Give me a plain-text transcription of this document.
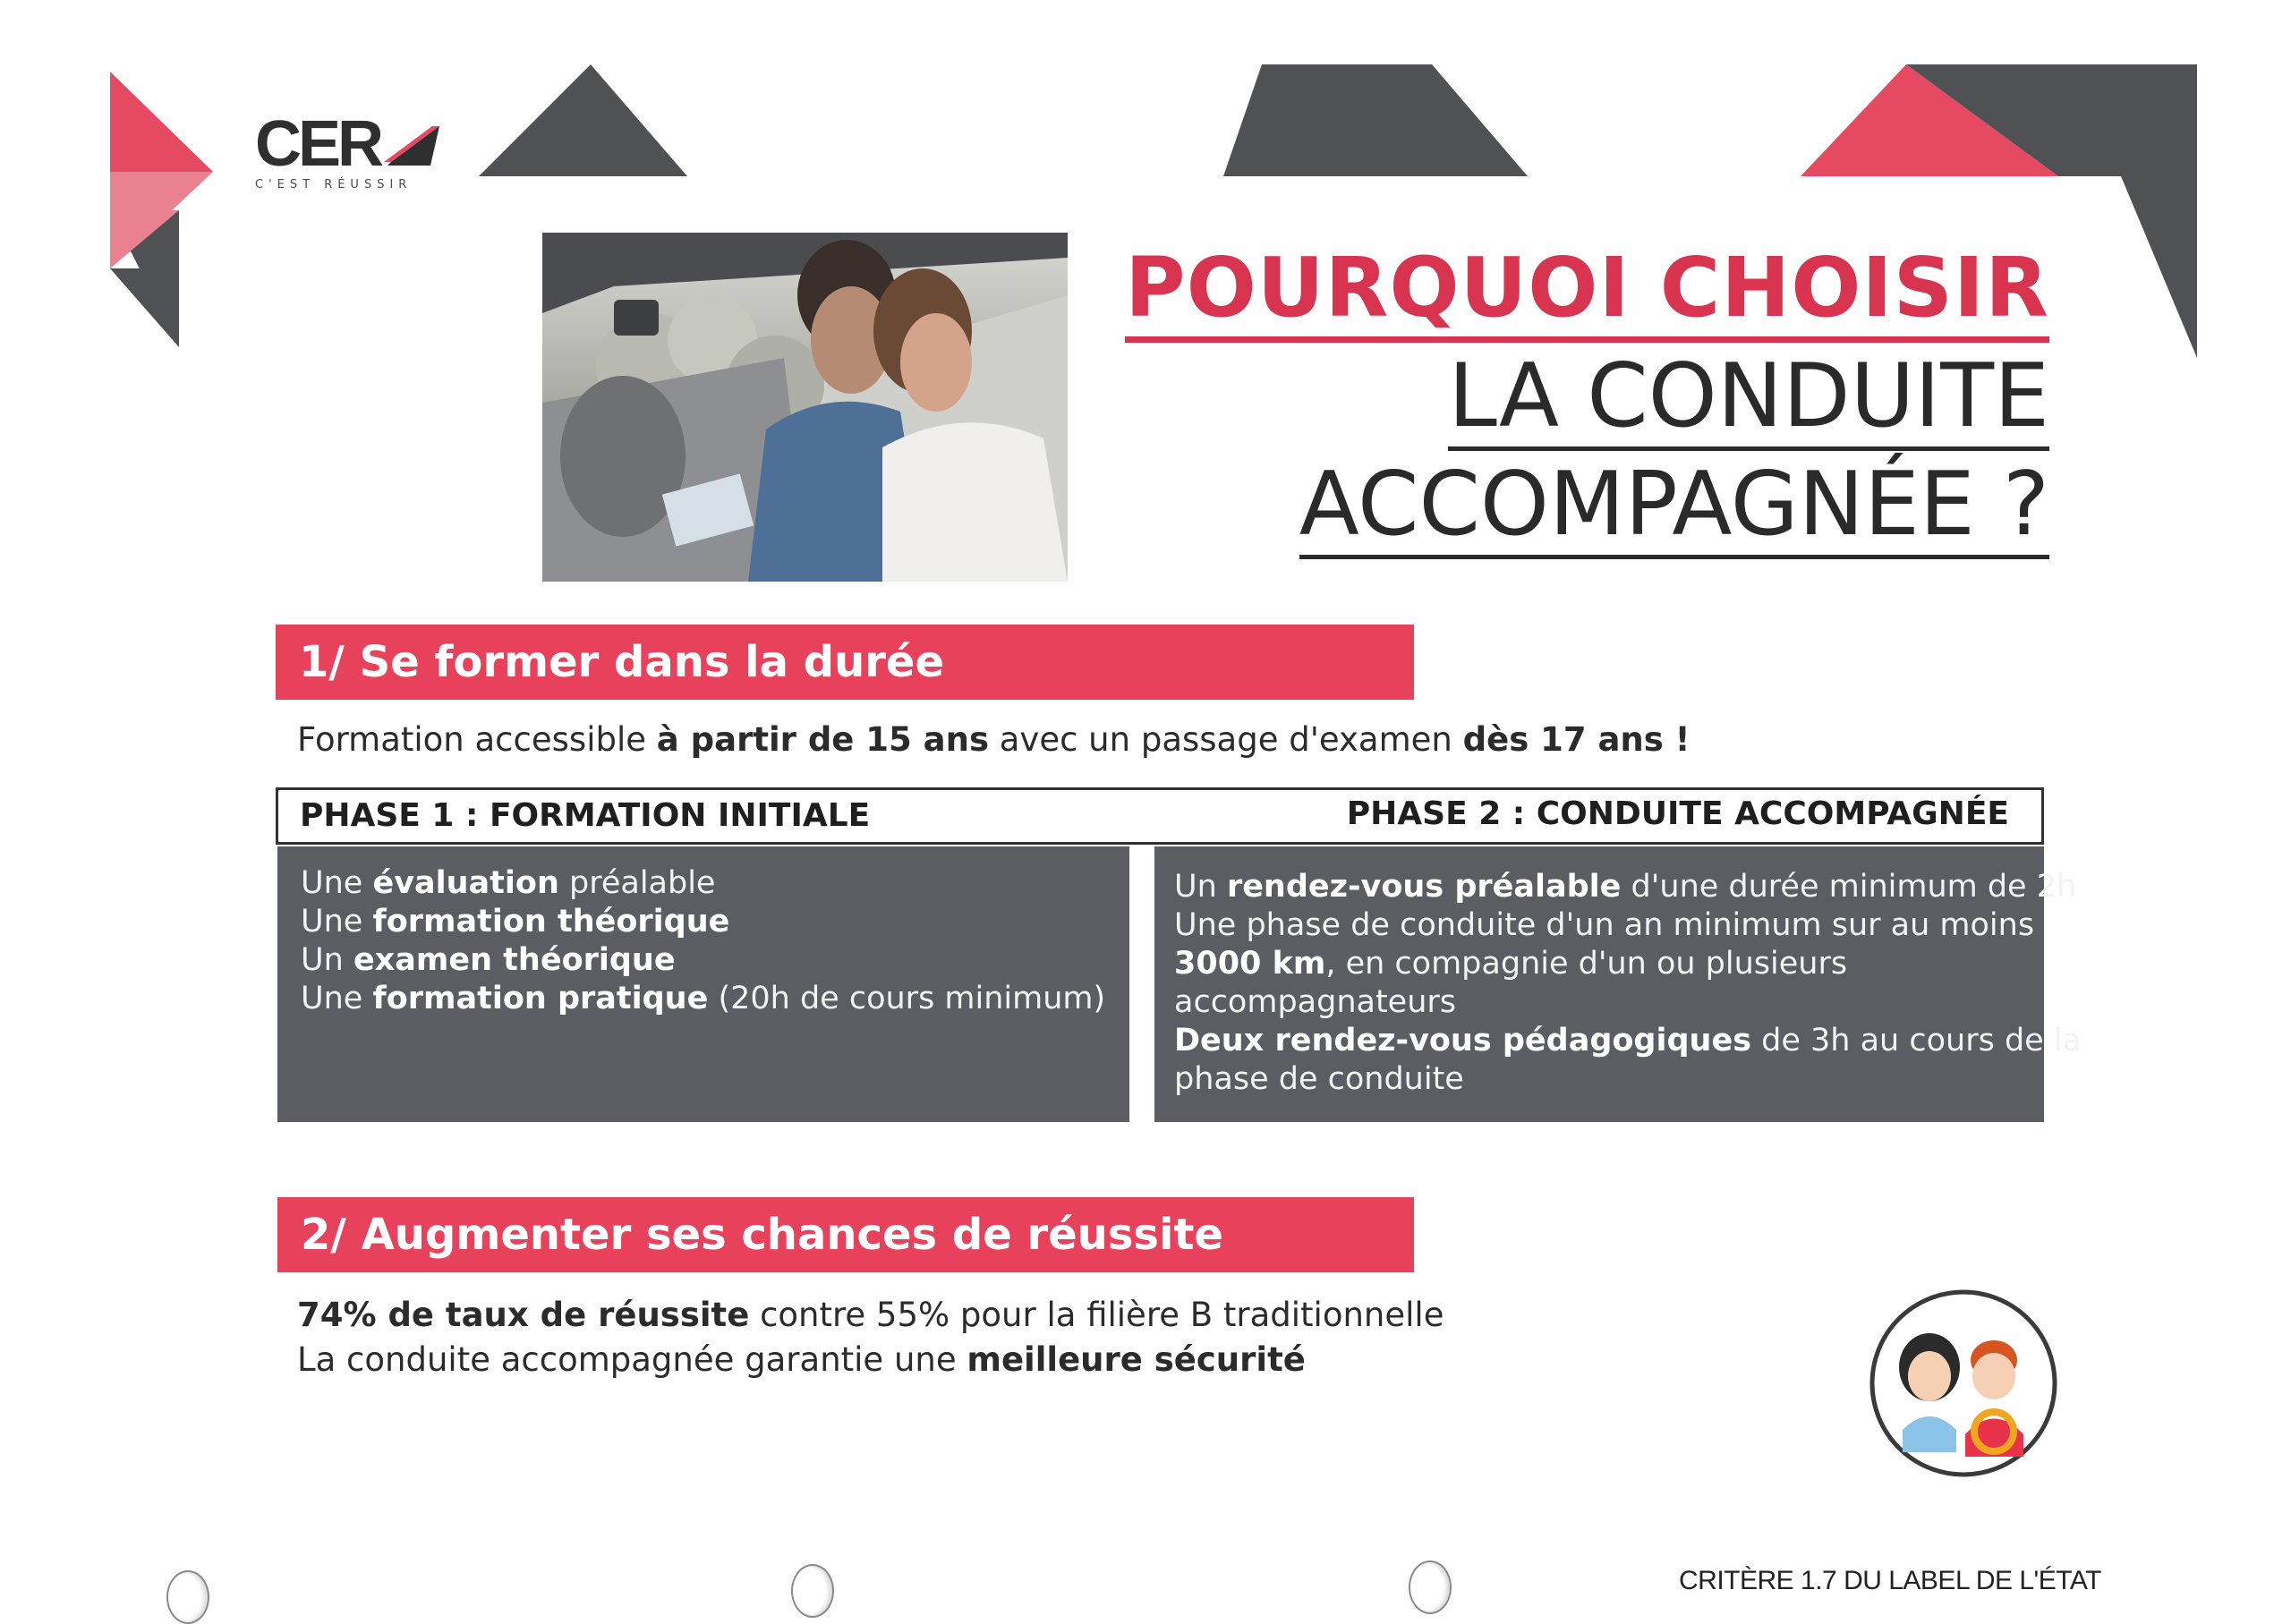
CER
C'EST RÉUSSIR
POURQUOI CHOISIR
LA CONDUITE
ACCOMPAGNÉE ?
1/ Se former dans la durée
Formation accessible à partir de 15 ans avec un passage d'examen dès 17 ans !
PHASE 1 : FORMATION INITIALE	PHASE 2 : CONDUITE ACCOMPAGNÉE
Une évaluation préalable
Une formation théorique
Un examen théorique
Une formation pratique (20h de cours minimum)
Un rendez-vous préalable d'une durée minimum de 2h
Une phase de conduite d'un an minimum sur au moins
3000 km, en compagnie d'un ou plusieurs
accompagnateurs
Deux rendez-vous pédagogiques de 3h au cours de la
phase de conduite
2/ Augmenter ses chances de réussite
74% de taux de réussite contre 55% pour la filière B traditionnelle
La conduite accompagnée garantie une meilleure sécurité
CRITÈRE 1.7 DU LABEL DE L'ÉTAT
